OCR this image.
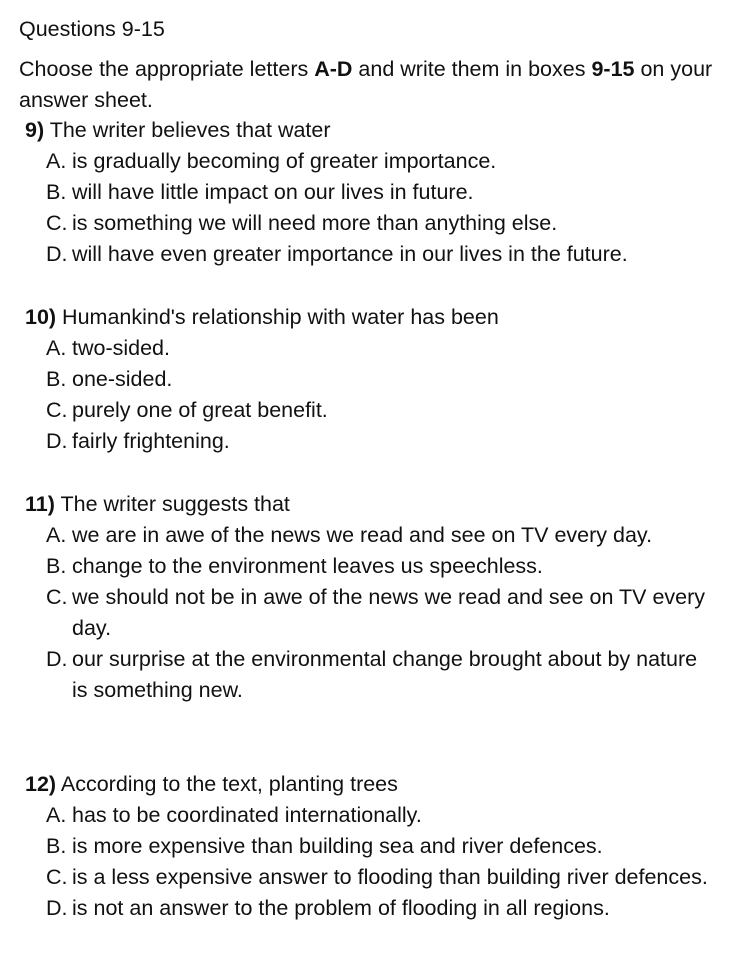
Questions 9-15

Choose the appropriate letters A-D and write them in boxes 9-15 on your answer sheet.

9) The writer believes that water

A. is gradually becoming of greater importance.
B. will have little impact on our lives in future.
C. is something we will need more than anything else.
D. will have even greater importance in our lives in the future.

10) Humankind's relationship with water has been

A. two-sided.
B. one-sided.
C. purely one of great benefit.
D. fairly frightening.

11) The writer suggests that

A. we are in awe of the news we read and see on TV every day.
B. change to the environment leaves us speechless.
C. we should not be in awe of the news we read and see on TV every day.
D. our surprise at the environmental change brought about by nature is something new.

12) According to the text, planting trees

A. has to be coordinated internationally.
B. is more expensive than building sea and river defences.
C. is a less expensive answer to flooding than building river defences.
D. is not an answer to the problem of flooding in all regions.
